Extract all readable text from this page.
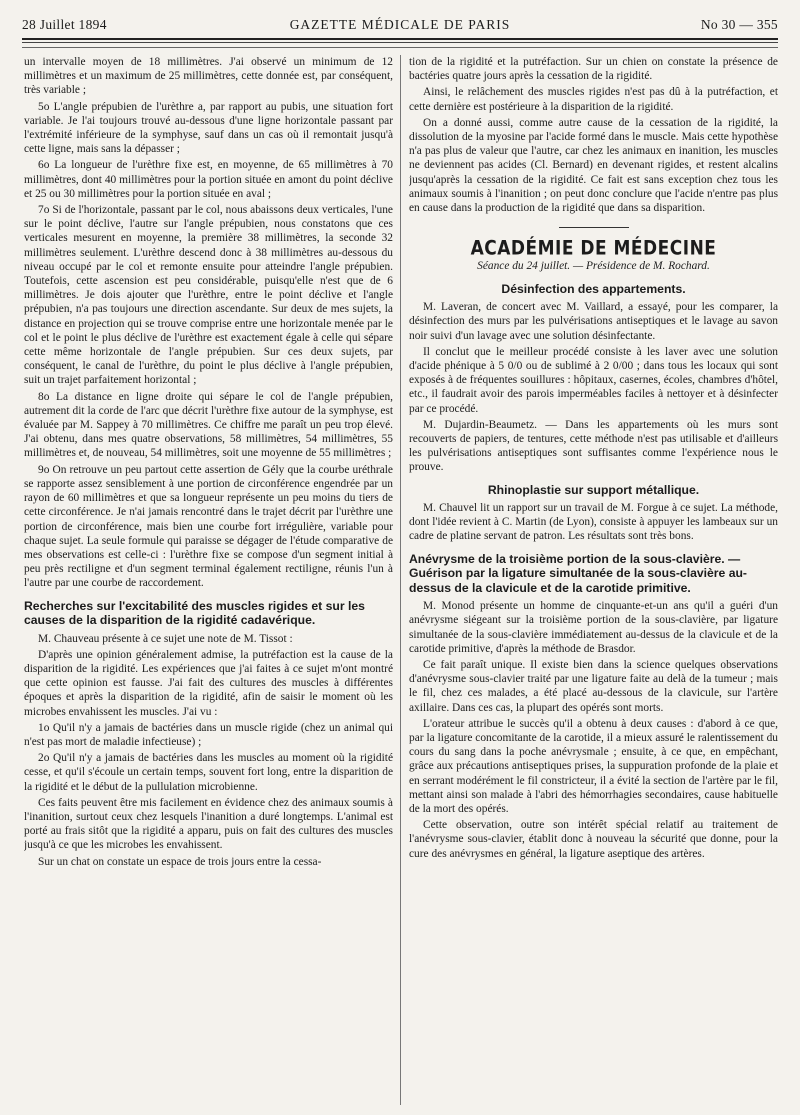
28 Juillet 1894	GAZETTE MÉDICALE DE PARIS	No 30 — 355

un intervalle moyen de 18 millimètres. J'ai observé un minimum de 12 millimètres et un maximum de 25 millimètres, cette donnée est, par conséquent, très variable ;

5o L'angle prépubien de l'urèthre a, par rapport au pubis, une situation fort variable. Je l'ai toujours trouvé au-dessous d'une ligne horizontale passant par l'extrémité inférieure de la symphyse, sauf dans un cas où il remontait jusqu'à cette ligne, mais sans la dépasser ;

6o La longueur de l'urèthre fixe est, en moyenne, de 65 millimètres à 70 millimètres, dont 40 millimètres pour la portion située en amont du point déclive et 25 ou 30 millimètres pour la portion située en aval ;

7o Si de l'horizontale, passant par le col, nous abaissons deux verticales, l'une sur le point déclive, l'autre sur l'angle prépubien, nous constatons que ces verticales mesurent en moyenne, la première 38 millimètres, la seconde 32 millimètres seulement. L'urèthre descend donc à 38 millimètres au-dessous du niveau occupé par le col et remonte ensuite pour atteindre l'angle prépubien. Toutefois, cette ascension est peu considérable, puisqu'elle n'est que de 6 millimètres. Je dois ajouter que l'urèthre, entre le point déclive et l'angle prépubien, n'a pas toujours une direction ascendante. Sur deux de mes sujets, la distance en projection qui se trouve comprise entre une horizontale menée par le col et le point le plus déclive de l'urèthre est exactement égale à celle qui sépare cette même horizontale de l'angle prépubien. Sur ces deux sujets, par conséquent, le canal de l'urèthre, du point le plus déclive à l'angle prépubien, suit un trajet parfaitement horizontal ;

8o La distance en ligne droite qui sépare le col de l'angle prépubien, autrement dit la corde de l'arc que décrit l'urèthre fixe autour de la symphyse, est évaluée par M. Sappey à 70 millimètres. Ce chiffre me paraît un peu trop élevé. J'ai obtenu, dans mes quatre observations, 58 millimètres, 54 millimètres, 55 millimètres et, de nouveau, 54 millimètres, soit une moyenne de 55 millimètres ;

9o On retrouve un peu partout cette assertion de Gély que la courbe uréthrale se rapporte assez sensiblement à une portion de circonférence engendrée par un rayon de 60 millimètres et que sa longueur représente un peu moins du tiers de cette circonférence. Je n'ai jamais rencontré dans le trajet décrit par l'urèthre une portion de circonférence, mais bien une courbe fort irrégulière, variable pour chaque sujet. La seule formule qui paraisse se dégager de l'étude comparative de mes observations est celle-ci : l'urèthre fixe se compose d'un segment initial à peu près rectiligne et d'un segment terminal également rectiligne, réunis l'un à l'autre par une courbe de raccordement.

Recherches sur l'excitabilité des muscles rigides et sur les causes de la disparition de la rigidité cadavérique.

M. Chauveau présente à ce sujet une note de M. Tissot :

D'après une opinion généralement admise, la putréfaction est la cause de la disparition de la rigidité. Les expériences que j'ai faites à ce sujet m'ont montré que cette opinion est fausse. J'ai fait des cultures des muscles à différentes époques et après la disparition de la rigidité, afin de saisir le moment où les microbes envahissent les muscles. J'ai vu :

1o Qu'il n'y a jamais de bactéries dans un muscle rigide (chez un animal qui n'est pas mort de maladie infectieuse) ;

2o Qu'il n'y a jamais de bactéries dans les muscles au moment où la rigidité cesse, et qu'il s'écoule un certain temps, souvent fort long, entre la disparition de la rigidité et le début de la pullulation microbienne.

Ces faits peuvent être mis facilement en évidence chez des animaux soumis à l'inanition, surtout ceux chez lesquels l'inanition a duré longtemps. L'animal est porté au frais sitôt que la rigidité a apparu, puis on fait des cultures des muscles jusqu'à ce que les microbes les envahissent.

Sur un chat on constate un espace de trois jours entre la cessa-

tion de la rigidité et la putréfaction. Sur un chien on constate la présence de bactéries quatre jours après la cessation de la rigidité.

Ainsi, le relâchement des muscles rigides n'est pas dû à la putréfaction, et cette dernière est postérieure à la disparition de la rigidité.

On a donné aussi, comme autre cause de la cessation de la rigidité, la dissolution de la myosine par l'acide formé dans le muscle. Mais cette hypothèse n'a pas plus de valeur que l'autre, car chez les animaux en inanition, les muscles ne deviennent pas acides (Cl. Bernard) en devenant rigides, et restent alcalins jusqu'après la cessation de la rigidité. Ce fait est sans exception chez tous les animaux soumis à l'inanition ; on peut donc conclure que l'acide n'entre pas plus en cause dans la production de la rigidité que dans sa disparition.

ACADÉMIE DE MÉDECINE

Séance du 24 juillet. — Présidence de M. Rochard.

Désinfection des appartements.

M. Laveran, de concert avec M. Vaillard, a essayé, pour les comparer, la désinfection des murs par les pulvérisations antiseptiques et le lavage au savon noir suivi d'un lavage avec une solution désinfectante.

Il conclut que le meilleur procédé consiste à les laver avec une solution d'acide phénique à 5 0/0 ou de sublimé à 2 0/00 ; dans tous les locaux qui sont exposés à de fréquentes souillures : hôpitaux, casernes, écoles, chambres d'hôtel, etc., il faudrait avoir des parois imperméables faciles à nettoyer et à désinfecter par ce procédé.

M. Dujardin-Beaumetz. — Dans les appartements où les murs sont recouverts de papiers, de tentures, cette méthode n'est pas utilisable et d'ailleurs les pulvérisations antiseptiques sont suffisantes comme l'expérience nous le prouve.

Rhinoplastie sur support métallique.

M. Chauvel lit un rapport sur un travail de M. Forgue à ce sujet. La méthode, dont l'idée revient à C. Martin (de Lyon), consiste à appuyer les lambeaux sur un cadre de platine servant de patron. Les résultats sont très bons.

Anévrysme de la troisième portion de la sous-clavière. — Guérison par la ligature simultanée de la sous-clavière au-dessus de la clavicule et de la carotide primitive.

M. Monod présente un homme de cinquante-et-un ans qu'il a guéri d'un anévrysme siégeant sur la troisième portion de la sous-clavière, par ligature simultanée de la sous-clavière immédiatement au-dessus de la clavicule et de la carotide primitive, d'après la méthode de Brasdor.

Ce fait paraît unique. Il existe bien dans la science quelques observations d'anévrysme sous-clavier traité par une ligature faite au delà de la tumeur ; mais le fil, chez ces malades, a été placé au-dessous de la clavicule, sur l'artère axillaire. Dans ces cas, la plupart des opérés sont morts.

L'orateur attribue le succès qu'il a obtenu à deux causes : d'abord à ce que, par la ligature concomitante de la carotide, il a mieux assuré le ralentissement du cours du sang dans la poche anévrysmale ; ensuite, à ce que, en empêchant, grâce aux précautions antiseptiques prises, la suppuration profonde de la plaie et en serrant modérément le fil constricteur, il a évité la section de l'artère par le fil, mettant ainsi son malade à l'abri des hémorrhagies secondaires, cause habituelle de la mort des opérés.

Cette observation, outre son intérêt spécial relatif au traitement de l'anévrysme sous-clavier, établit donc à nouveau la sécurité que donne, pour la cure des anévrysmes en général, la ligature aseptique des artères.
